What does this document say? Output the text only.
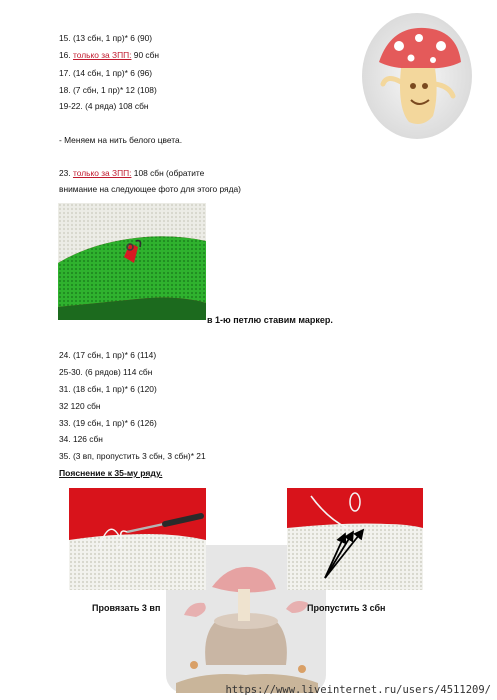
15. (13 сбн, 1 пр)* 6 (90)
16. только за ЗПП: 90 сбн
17. (14 сбн, 1 пр)* 6 (96)
18. (7 сбн, 1 пр)* 12 (108)
19-22. (4 ряда) 108 сбн
- Меняем на нить белого цвета.
23. только за ЗПП: 108 сбн (обратите
внимание на следующее фото для этого ряда)
в 1-ю петлю ставим маркер.
24. (17 сбн, 1 пр)* 6 (114)
25-30. (6 рядов) 114 сбн
31. (18 сбн, 1 пр)* 6 (120)
32 120 сбн
33. (19 сбн, 1 пр)* 6 (126)
34. 126 сбн
35. (3 вп, пропустить 3 сбн, 3 сбн)* 21
Пояснение к 35-му ряду.
Провязать 3 вп	Пропустить 3 сбн
https://www.liveinternet.ru/users/4511209/
